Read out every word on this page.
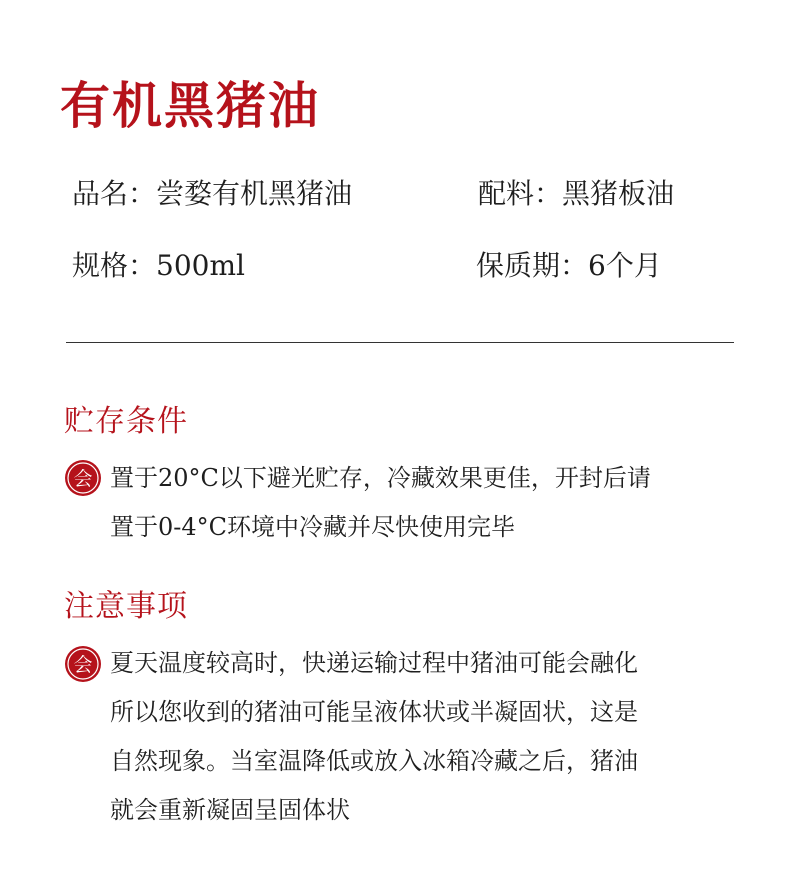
有机黑猪油
品名：尝婺有机黑猪油	配料：黑猪板油
规格：500ml	保质期：6个月
贮存条件
会 置于20°C以下避光贮存，冷藏效果更佳，开封后请
置于0-4°C环境中冷藏并尽快使用完毕
注意事项
会 夏天温度较高时，快递运输过程中猪油可能会融化
所以您收到的猪油可能呈液体状或半凝固状，这是
自然现象。当室温降低或放入冰箱冷藏之后，猪油
就会重新凝固呈固体状
